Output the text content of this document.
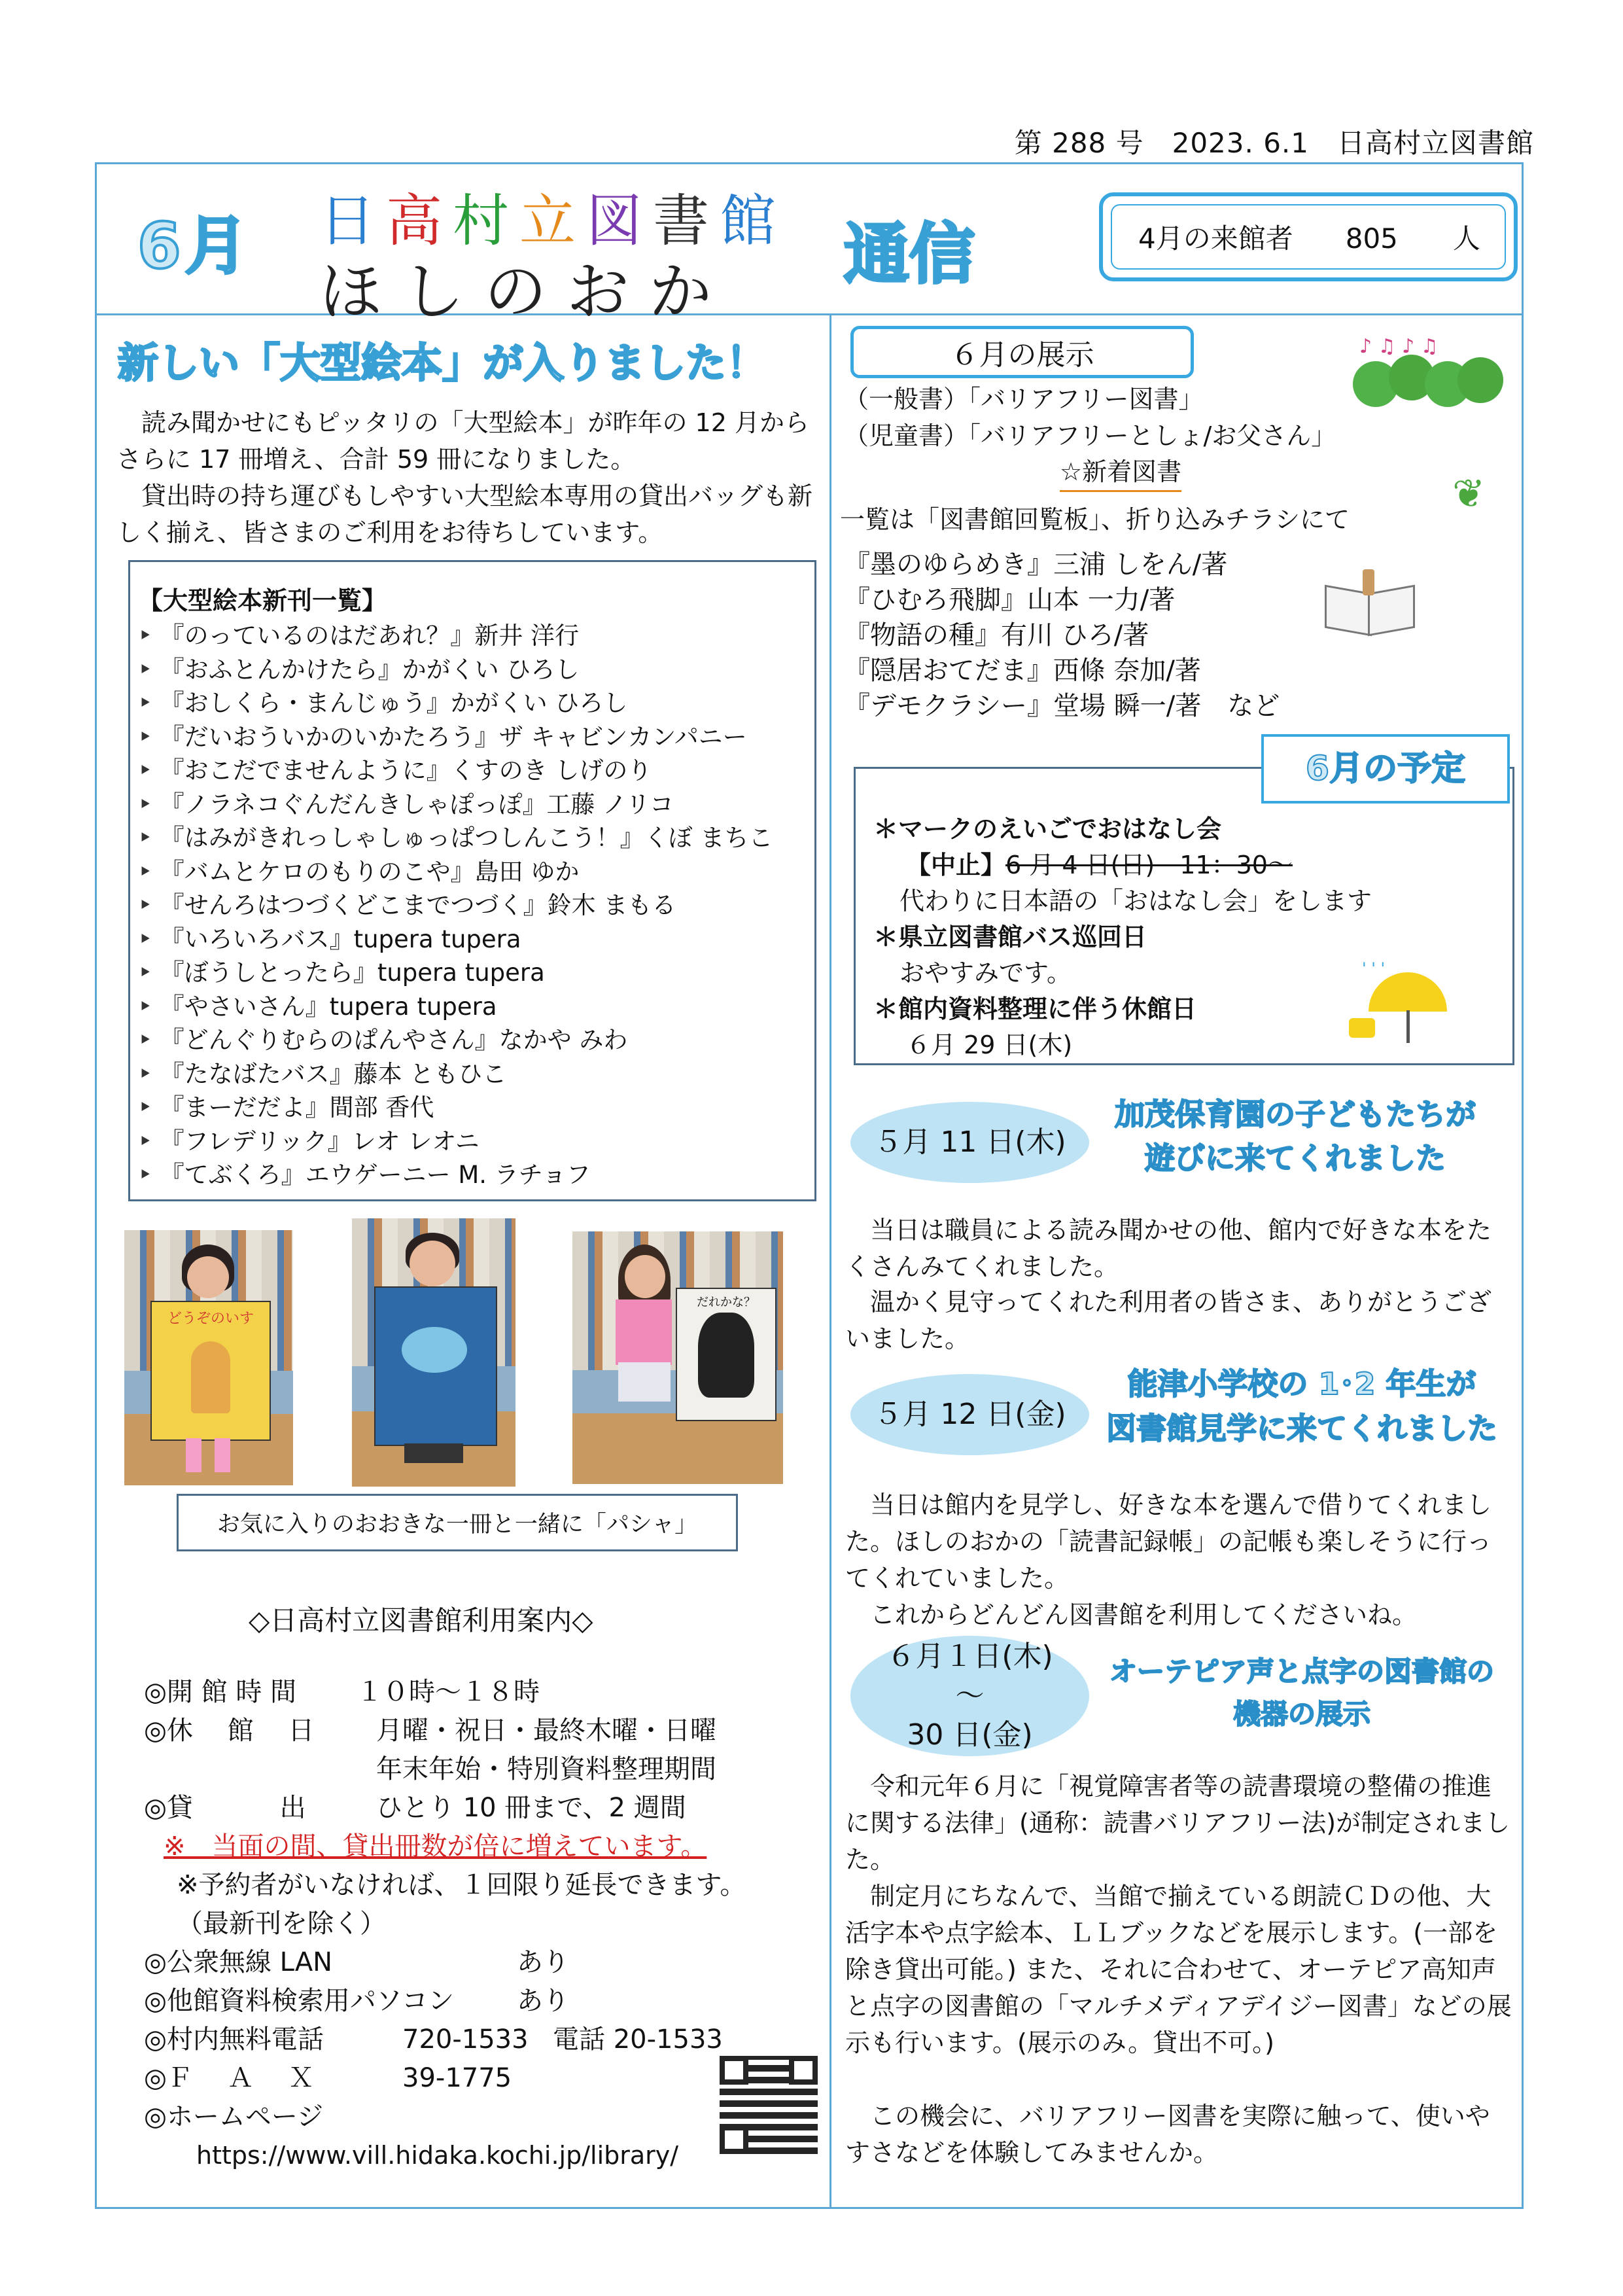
第 288 号　2023. 6.1　日高村立図書館
6月 日高村立図書館
ほしのおか 通信	4月の来館者 805　　 人
新しい「大型絵本」が入りました！
　読み聞かせにもピッタリの「大型絵本」が昨年の 12 月からさらに 17 冊増え、合計 59 冊になりました。
　貸出時の持ち運びもしやすい大型絵本専用の貸出バッグも新しく揃え、皆さまのご利用をお待ちしています。
【大型絵本新刊一覧】
‣ 『のっているのはだあれ？』新井 洋行
‣ 『おふとんかけたら』かがくい ひろし
‣ 『おしくら・まんじゅう』かがくい ひろし
‣ 『だいおういかのいかたろう』ザ キャビンカンパニー
‣ 『おこだでませんように』くすのき しげのり
‣ 『ノラネコぐんだんきしゃぽっぽ』工藤 ノリコ
‣ 『はみがきれっしゃしゅっぱつしんこう！』くぼ まちこ
‣ 『バムとケロのもりのこや』島田 ゆか
‣ 『せんろはつづくどこまでつづく』鈴木 まもる
‣ 『いろいろバス』tupera tupera
‣ 『ぼうしとったら』tupera tupera
‣ 『やさいさん』tupera tupera
‣ 『どんぐりむらのぱんやさん』なかや みわ
‣ 『たなばたバス』藤本 ともひこ
‣ 『まーだだよ』間部 香代
‣ 『フレデリック』レオ レオニ
‣ 『てぶくろ』エウゲーニー M. ラチョフ
どうぞのいす
だれかな？
お気に入りのおおきな一冊と一緒に「パシャ」
◇日高村立図書館利用案内◇
◎開 館 時 間 １０時〜１８時
◎休　 館　 日 月曜・祝日・最終木曜・日曜
年末年始・特別資料整理期間
◎貸　　　 出	ひとり 10 冊まで、2 週間
※　当面の間、貸出冊数が倍に増えています。
※予約者がいなければ、１回限り延長できます。（最新刊を除く）
◎公衆無線 LAN	あり
◎他館資料検索用パソコン あり
◎村内無料電話	720-1533 電話 20-1533
◎Ｆ　 Ａ　 Ｘ	39-1775
◎ホームページ
https://www.vill.hidaka.kochi.jp/library/
６月の展示	♪ ♫ ♪ ♫
（一般書）「バリアフリー図書」
（児童書）「バリアフリーとしょ/お父さん」
☆新着図書	❦
一覧は「図書館回覧板」、折り込みチラシにて
『墨のゆらめき』三浦 しをん/著
『ひむろ飛脚』山本 一力/著
『物語の種』有川 ひろ/著
『隠居おてだま』西條 奈加/著
『デモクラシー』堂場 瞬一/著　など
6月の予定
＊マークのえいごでおはなし会
【中止】6 月 4 日(日)　11：30〜
代わりに日本語の「おはなし会」をします
＊県立図書館バス巡回日
おやすみです。
＊館内資料整理に伴う休館日
６月 29 日(木)
' ' '
５月 11 日(木)
加茂保育園の子どもたちが
遊びに来てくれました
　当日は職員による読み聞かせの他、館内で好きな本をたくさんみてくれました。
　温かく見守ってくれた利用者の皆さま、ありがとうございました。
５月 12 日(金)
能津小学校の 1･2 年生が
図書館見学に来てくれました
　当日は館内を見学し、好きな本を選んで借りてくれました。ほしのおかの「読書記録帳」の記帳も楽しそうに行ってくれていました。
　これからどんどん図書館を利用してくださいね。
６月１日(木)
〜
30 日(金)
オーテピア声と点字の図書館の
機器の展示
　令和元年６月に「視覚障害者等の読書環境の整備の推進に関する法律」(通称：読書バリアフリー法)が制定されました。
　制定月にちなんで、当館で揃えている朗読ＣＤの他、大活字本や点字絵本、ＬＬブックなどを展示します。(一部を除き貸出可能。) また、それに合わせて、オーテピア高知声と点字の図書館の「マルチメディアデイジー図書」などの展示も行います。(展示のみ。貸出不可。)
　この機会に、バリアフリー図書を実際に触って、使いやすさなどを体験してみませんか。
